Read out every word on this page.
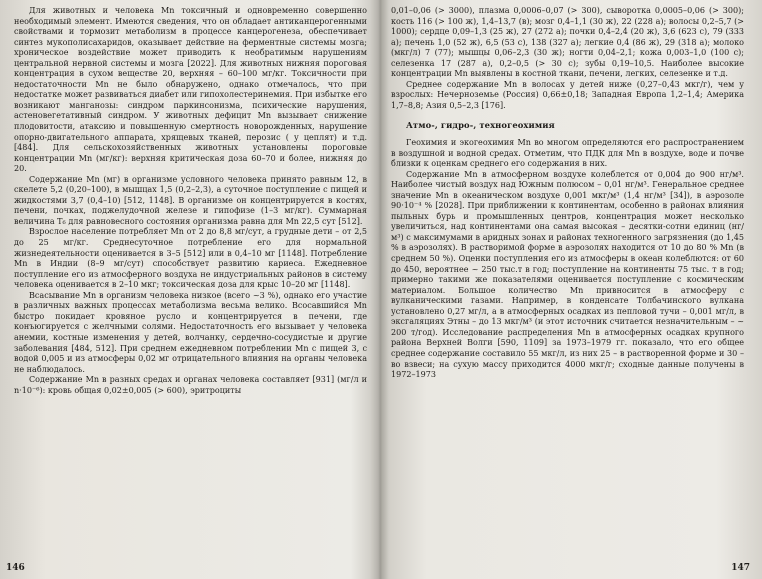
Для животных и человека Mn токсичный и одновременно совершенно необходимый элемент. Имеются сведения, что он обладает антиканцерогенными свойствами и тормозит метаболизм в процессе канцерогенеза, обеспечивает синтез мукополисахаридов, оказывает действие на ферментные системы мозга; хроническое воздействие может приводить к необратимым нарушениям центральной нервной системы и мозга [2022]. Для животных нижняя пороговая концентрация в сухом веществе 20, верхняя – 60–100 мг/кг. Токсичности при недостаточности Mn не было обнаружено, однако отмечалось, что при недостатке может развиваться диабет или гипохолестеринемия. При избытке его возникают манганозы: синдром паркинсонизма, психические нарушения, астеновегетативный синдром. У животных дефицит Mn вызывает снижение плодовитости, атаксию и повышенную смертность новорожденных, нарушение опорно-двигательного аппарата, хрящевых тканей, перозис ( у цеплят) и т.д. [484]. Для сельскохозяйственных животных установлены пороговые концентрации Mn (мг/кг): верхняя критическая доза 60–70 и более, нижняя до 20.

Содержание Mn (мг) в организме условного человека принято равным 12, в скелете 5,2 (0,20–100), в мышцах 1,5 (0,2–2,3), а суточное поступление с пищей и жидкостями 3,7 (0,4–10) [512, 1148]. В организме он концентрируется в костях, печени, почках, поджелудочной железе и гипофизе (1–3 мг/кг). Суммарная величина T₆ для равновесного состояния организма равна для Mn 22,5 сут [512].

Взрослое население потребляет Mn от 2 до 8,8 мг/сут, а грудные дети – от 2,5 до 25 мг/кг. Среднесуточное потребление его для нормальной жизнедеятельности оценивается в 3–5 [512] или в 0,4–10 мг [1148]. Потребление Mn в Индии (8–9 мг/сут) способствует развитию кариеса. Ежедневное поступление его из атмосферного воздуха не индустриальных районов в систему человека оценивается в 2–10 мкг; токсическая доза для крыс 10–20 мг [1148].

Всасывание Mn в организм человека низкое (всего ~3 %), однако его участие в различных важных процессах метаболизма весьма велико. Всосавшийся Mn быстро покидает кровяное русло и концентрируется в печени, где конъюгируется с желчными солями. Недостаточность его вызывает у человека анемии, костные изменения у детей, волчанку, сердечно-сосудистые и другие заболевания [484, 512]. При среднем ежедневном потреблении Mn с пищей 3, с водой 0,005 и из атмосферы 0,02 мг отрицательного влияния на органы человека не наблюдалось.

Содержание Mn в разных средах и органах человека составляет [931] (мг/л и n·10⁻⁶): кровь общая 0,02±0,005 (> 600), эритроциты

146

0,01–0,06 (> 3000), плазма 0,0006–0,07 (> 300), сыворотка 0,0005–0,06 (> 300); кость 116 (> 100 ж), 1,4–13,7 (в); мозг 0,4–1,1 (30 ж), 22 (228 а); волосы 0,2–5,7 (> 1000); сердце 0,09–1,3 (25 ж), 27 (272 а); почки 0,4–2,4 (20 ж), 3,6 (623 с), 79 (333 а); печень 1,0 (52 ж), 6,5 (53 с), 138 (327 а); легкие 0,4 (86 ж), 29 (318 а); молоко (мкг/л) 7 (77); мышцы 0,06–2,3 (30 ж); ногти 0,04–2,1; кожа 0,003–1,0 (100 с); селезенка 17 (287 а), 0,2–0,5 (> 30 с); зубы 0,19–10,5. Наиболее высокие концентрации Mn выявлены в костной ткани, печени, легких, селезенке и т.д.

Среднее содержание Mn в волосах у детей ниже (0,27–0,43 мкг/г), чем у взрослых: Нечерноземье (Россия) 0,66±0,18; Западная Европа 1,2–1,4; Америка 1,7–8,8; Азия 0,5–2,3 [176].

Атмо-, гидро-, техногеохимия

Геохимия и экогеохимия Mn во многом определяются его распространением в воздушной и водной средах. Отметим, что ПДК для Mn в воздухе, воде и почве близки к оценкам среднего его содержания в них.

Содержание Mn в атмосферном воздухе колеблется от 0,004 до 900 нг/м³. Наиболее чистый воздух над Южным полюсом – 0,01 нг/м³. Генеральное среднее значение Mn в океаническом воздухе 0,001 мкг/м³ (1,4 нг/м³ [34]), в аэрозоле 90·10⁻⁴ % [2028]. При приближении к континентам, особенно в районах влияния пыльных бурь и промышленных центров, концентрация может несколько увеличиться, над континентами она самая высокая – десятки-сотни единиц (нг/м³) с максимумами в аридных зонах и районах техногенного загрязнения (до 1,45 % в аэрозолях). В растворимой форме в аэрозолях находится от 10 до 80 % Mn (в среднем 50 %). Оценки поступления его из атмосферы в океан колеблются: от 60 до 450, вероятнее ~ 250 тыс.т в год; поступление на континенты 75 тыс. т в год; примерно такими же показателями оценивается поступление с космическим материалом. Большое количество Mn привносится в атмосферу с вулканическими газами. Например, в конденсате Толбачинского вулкана установлено 0,27 мг/л, а в атмосферных осадках из пепловой тучи – 0,001 мг/л, в эксгаляциях Этны – до 13 мкг/м³ (и этот источник считается незначительным – ~ 200 т/год). Исследование распределения Mn в атмосферных осадках крупного района Верхней Волги [590, 1109] за 1973–1979 гг. показало, что его общее среднее содержание составило 55 мкг/л, из них 25 – в растворенной форме и 30 – во взвеси; на сухую массу приходится 4000 мкг/г; сходные данные получены в 1972–1973

147
